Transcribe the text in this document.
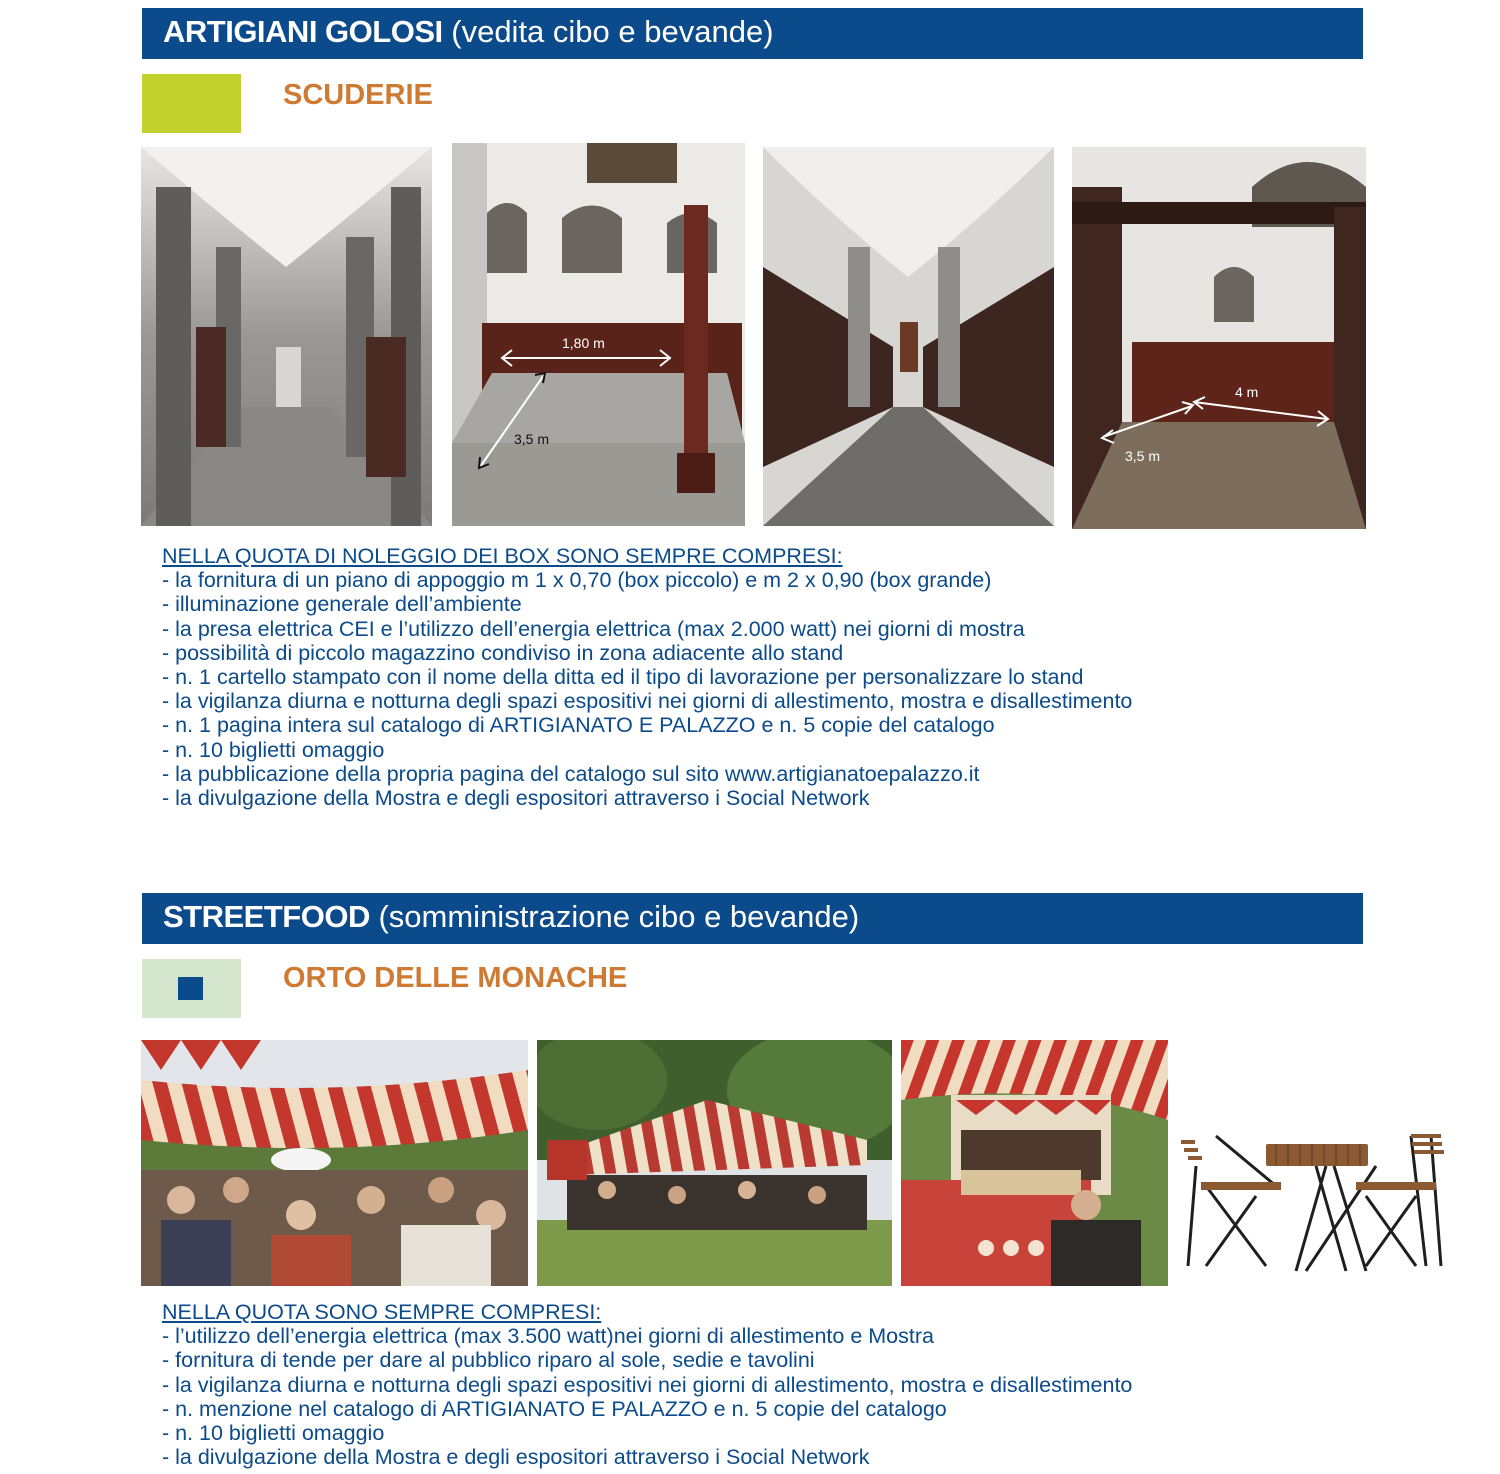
ARTIGIANI GOLOSI (vedita cibo e bevande)
SCUDERIE
1,80 m
3,5 m
4 m
3,5 m
NELLA QUOTA DI NOLEGGIO DEI BOX SONO SEMPRE COMPRESI:
- la fornitura di un piano di appoggio m 1 x 0,70 (box piccolo) e m 2 x 0,90 (box grande)
- illuminazione generale dell’ambiente
- la presa elettrica CEI e l’utilizzo dell’energia elettrica (max 2.000 watt) nei giorni di mostra
- possibilità di piccolo magazzino condiviso in zona adiacente allo stand
- n. 1 cartello stampato con il nome della ditta ed il tipo di lavorazione per personalizzare lo stand
- la vigilanza diurna e notturna degli spazi espositivi nei giorni di allestimento, mostra e disallestimento
- n. 1 pagina intera sul catalogo di ARTIGIANATO E PALAZZO e n. 5 copie del catalogo
- n. 10 biglietti omaggio
- la pubblicazione della propria pagina del catalogo sul sito www.artigianatoepalazzo.it
- la divulgazione della Mostra e degli espositori attraverso i Social Network
STREETFOOD (somministrazione cibo e bevande)
ORTO DELLE MONACHE
NELLA QUOTA SONO SEMPRE COMPRESI:
- l’utilizzo dell’energia elettrica (max 3.500 watt)nei giorni di allestimento e Mostra
- fornitura di tende per dare al pubblico riparo al sole, sedie e tavolini
- la vigilanza diurna e notturna degli spazi espositivi nei giorni di allestimento, mostra e disallestimento
- n. menzione nel catalogo di ARTIGIANATO E PALAZZO e n. 5 copie del catalogo
- n. 10 biglietti omaggio
- la divulgazione della Mostra e degli espositori attraverso i Social Network
